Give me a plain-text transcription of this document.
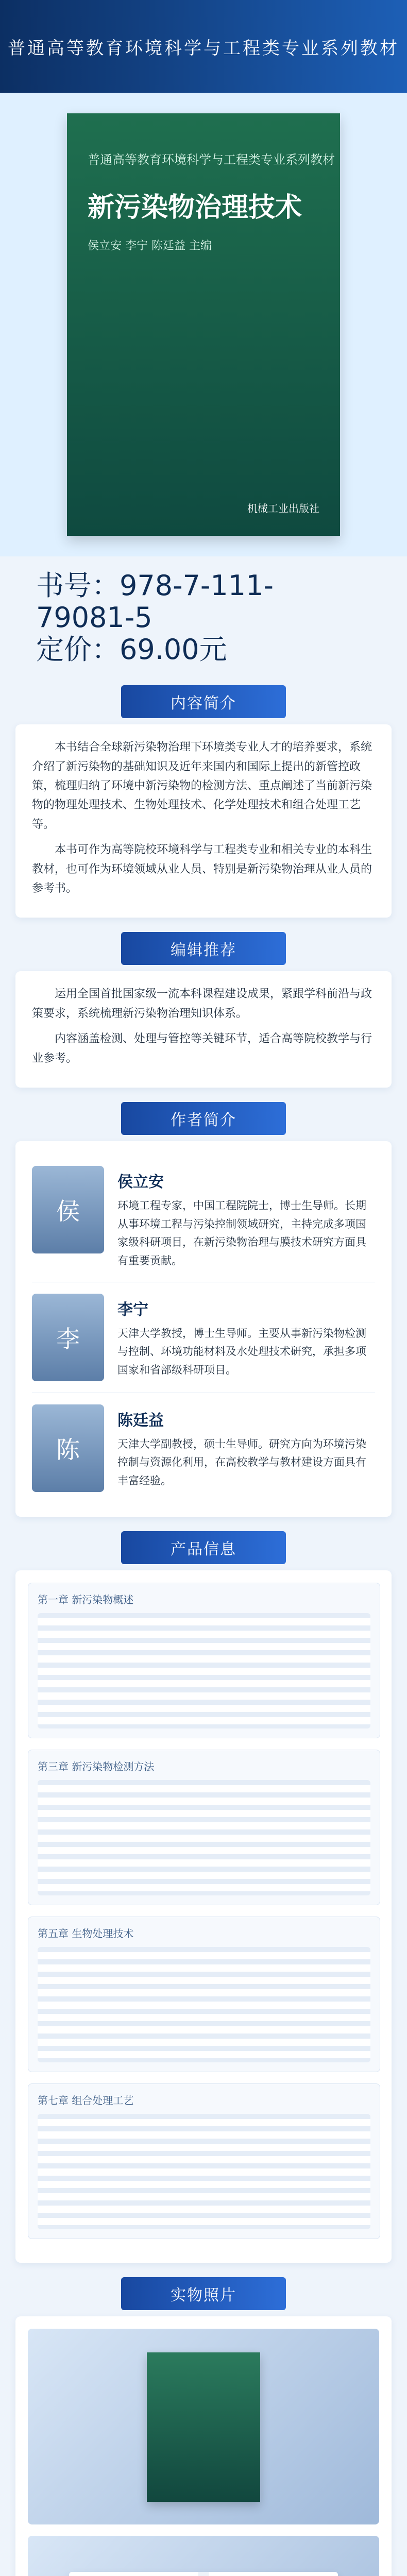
普通高等教育环境科学与工程类专业系列教材
普通高等教育环境科学与工程类专业系列教材
新污染物治理技术
侯立安 李宁 陈廷益 主编
机械工业出版社
书号：978-7-111-79081-5
定价：69.00元
内容简介

本书结合全球新污染物治理下环境类专业人才的培养要求，系统介绍了新污染物的基础知识及近年来国内和国际上提出的新管控政策，梳理归纳了环境中新污染物的检测方法、重点阐述了当前新污染物的物理处理技术、生物处理技术、化学处理技术和组合处理工艺等。

本书可作为高等院校环境科学与工程类专业和相关专业的本科生教材，也可作为环境领域从业人员、特别是新污染物治理从业人员的参考书。

编辑推荐

运用全国首批国家级一流本科课程建设成果，紧跟学科前沿与政策要求，系统梳理新污染物治理知识体系。

内容涵盖检测、处理与管控等关键环节，适合高等院校教学与行业参考。

作者简介
侯
侯立安

环境工程专家，中国工程院院士，博士生导师。长期从事环境工程与污染控制领域研究，主持完成多项国家级科研项目，在新污染物治理与膜技术研究方面具有重要贡献。

李
李宁

天津大学教授，博士生导师。主要从事新污染物检测与控制、环境功能材料及水处理技术研究，承担多项国家和省部级科研项目。

陈
陈廷益

天津大学副教授，硕士生导师。研究方向为环境污染控制与资源化利用，在高校教学与教材建设方面具有丰富经验。

产品信息
第一章 新污染物概述
第三章 新污染物检测方法
第五章 生物处理技术
第七章 组合处理工艺
实物照片
